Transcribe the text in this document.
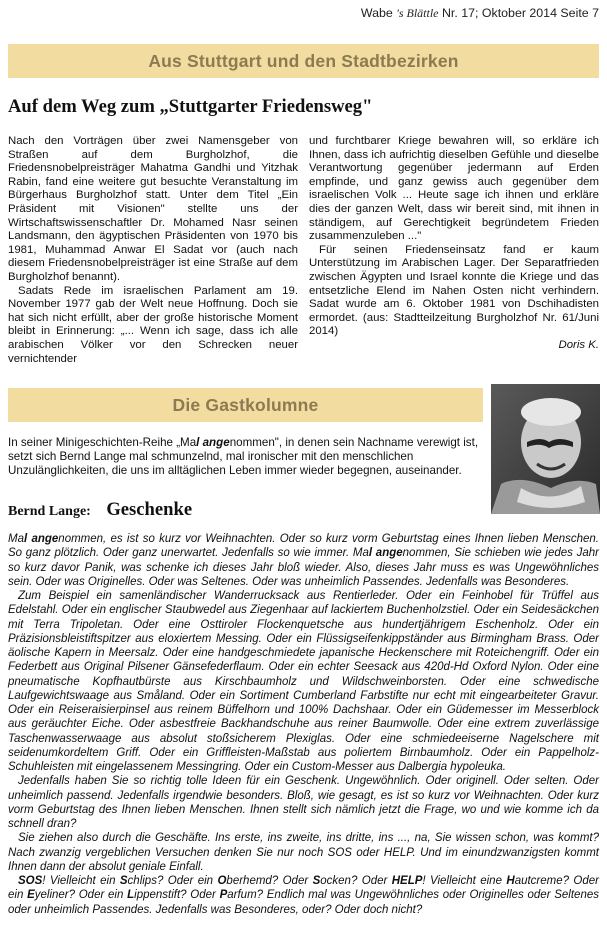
Wabe 's Blättle Nr. 17; Oktober 2014 Seite 7
Aus Stuttgart und den Stadtbezirken
Auf dem Weg zum „Stuttgarter Friedensweg"

Nach den Vorträgen über zwei Namensgeber von Straßen auf dem Burgholzhof, die Friedensnobelpreisträger Mahatma Gandhi und Yitzhak Rabin, fand eine weitere gut besuchte Veranstaltung im Bürgerhaus Burgholzhof statt. Unter dem Titel „Ein Präsident mit Visionen" stellte uns der Wirtschaftswissenschaftler Dr. Mohamed Nasr seinen Landsmann, den ägyptischen Präsidenten von 1970 bis 1981, Muhammad Anwar El Sadat vor (auch nach diesem Friedensnobelpreisträger ist eine Straße auf dem Burgholzhof benannt).

Sadats Rede im israelischen Parlament am 19. November 1977 gab der Welt neue Hoffnung. Doch sie hat sich nicht erfüllt, aber der große historische Moment bleibt in Erinnerung: „... Wenn ich sage, dass ich alle arabischen Völker vor den Schrecken neuer vernichtender

und furchtbarer Kriege bewahren will, so erkläre ich Ihnen, dass ich aufrichtig dieselben Gefühle und dieselbe Verantwortung gegenüber jedermann auf Erden empfinde, und ganz gewiss auch gegenüber dem israelischen Volk ... Heute sage ich ihnen und erkläre dies der ganzen Welt, dass wir bereit sind, mit ihnen in ständigem, auf Gerechtigkeit begründetem Frieden zusammenzuleben ..."

Für seinen Friedenseinsatz fand er kaum Unterstützung im Arabischen Lager. Der Separatfrieden zwischen Ägypten und Israel konnte die Kriege und das entsetzliche Elend im Nahen Osten nicht verhindern. Sadat wurde am 6. Oktober 1981 von Dschihadisten ermordet. (aus: Stadtteilzeitung Burgholzhof Nr. 61/Juni 2014)

Doris K.
Die Gastkolumne
In seiner Minigeschichten-Reihe „Mal angenommen", in denen sein Nachname verewigt ist, setzt sich Bernd Lange mal schmunzelnd, mal ironischer mit den menschlichen Unzulänglichkeiten, die uns im alltäglichen Leben immer wieder begegnen, auseinander.
Bernd Lange: Geschenke

Mal angenommen, es ist so kurz vor Weihnachten. Oder so kurz vorm Geburtstag eines Ihnen lieben Menschen. So ganz plötzlich. Oder ganz unerwartet. Jedenfalls so wie immer. Mal angenommen, Sie schieben wie jedes Jahr so kurz davor Panik, was schenke ich dieses Jahr bloß wieder. Also, dieses Jahr muss es was Ungewöhnliches sein. Oder was Originelles. Oder was Seltenes. Oder was unheimlich Passendes. Jedenfalls was Besonderes.

Zum Beispiel ein samenländischer Wanderrucksack aus Rentierleder. Oder ein Feinhobel für Trüffel aus Edelstahl. Oder ein englischer Staubwedel aus Ziegenhaar auf lackiertem Buchenholzstiel. Oder ein Seidesäckchen mit Terra Tripoletan. Oder eine Osttiroler Flockenquetsche aus hundertjährigem Eschenholz. Oder ein Präzisionsbleistiftspitzer aus eloxiertem Messing. Oder ein Flüssigseifenkippständer aus Birmingham Brass. Oder äolische Kapern in Meersalz. Oder eine handgeschmiedete japanische Heckenschere mit Roteichengriff. Oder ein Federbett aus Original Pilsener Gänsefederflaum. Oder ein echter Seesack aus 420d-Hd Oxford Nylon. Oder eine pneumatische Kopfhautbürste aus Kirschbaumholz und Wildschweinborsten. Oder eine schwedische Laufgewichtswaage aus Småland. Oder ein Sortiment Cumberland Farbstifte nur echt mit eingearbeiteter Gravur. Oder ein Reiseraisierpinsel aus reinem Büffelhorn und 100% Dachshaar. Oder ein Güdemesser im Messerblock aus geräuchter Eiche. Oder asbestfreie Backhandschuhe aus reiner Baumwolle. Oder eine extrem zuverlässige Taschenwasserwaage aus absolut stoßsicherem Plexiglas. Oder eine schmiedeeiserne Nagelschere mit seidenumkordeltem Griff. Oder ein Griffleisten-Maßstab aus poliertem Birnbaumholz. Oder ein Pappelholz-Schuhleisten mit eingelassenem Messingring. Oder ein Custom-Messer aus Dalbergia hypoleuka.

Jedenfalls haben Sie so richtig tolle Ideen für ein Geschenk. Ungewöhnlich. Oder originell. Oder selten. Oder unheimlich passend. Jedenfalls irgendwie besonders. Bloß, wie gesagt, es ist so kurz vor Weihnachten. Oder kurz vorm Geburtstag des Ihnen lieben Menschen. Ihnen stellt sich nämlich jetzt die Frage, wo und wie komme ich da schnell dran?

Sie ziehen also durch die Geschäfte. Ins erste, ins zweite, ins dritte, ins ..., na, Sie wissen schon, was kommt? Nach zwanzig vergeblichen Versuchen denken Sie nur noch SOS oder HELP. Und im einundzwanzigsten kommt Ihnen dann der absolut geniale Einfall.

SOS! Vielleicht ein Schlips? Oder ein Oberhemd? Oder Socken? Oder HELP! Vielleicht eine Hautcreme? Oder ein Eyeliner? Oder ein Lippenstift? Oder Parfum? Endlich mal was Ungewöhnliches oder Originelles oder Seltenes oder unheimlich Passendes. Jedenfalls was Besonderes, oder? Oder doch nicht?
